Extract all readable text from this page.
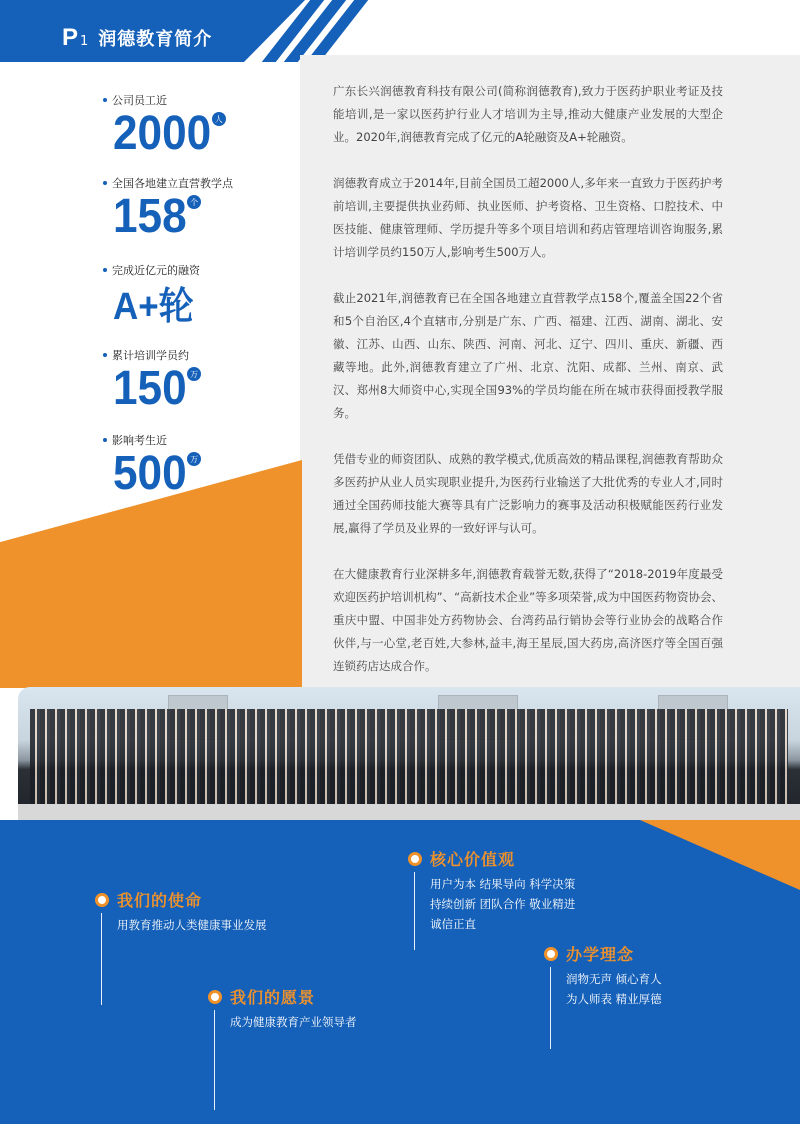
P 1 润德教育简介
公司员工近
2000 人
全国各地建立直营教学点
158 个
完成近亿元的融资
A+轮
累计培训学员约
150 万
影响考生近
500 万

广东长兴润德教育科技有限公司(简称润德教育),致力于医药护职业考证及技能培训,是一家以医药护行业人才培训为主导,推动大健康产业发展的大型企业。2020年,润德教育完成了亿元的A轮融资及A+轮融资。

润德教育成立于2014年,目前全国员工超2000人,多年来一直致力于医药护考前培训,主要提供执业药师、执业医师、护考资格、卫生资格、口腔技术、中医技能、健康管理师、学历提升等多个项目培训和药店管理培训咨询服务,累计培训学员约150万人,影响考生500万人。

截止2021年,润德教育已在全国各地建立直营教学点158个,覆盖全国22个省和5个自治区,4个直辖市,分别是广东、广西、福建、江西、湖南、湖北、安徽、江苏、山西、山东、陕西、河南、河北、辽宁、四川、重庆、新疆、西藏等地。此外,润德教育建立了广州、北京、沈阳、成都、兰州、南京、武汉、郑州8大师资中心,实现全国93%的学员均能在所在城市获得面授教学服务。

凭借专业的师资团队、成熟的教学模式,优质高效的精品课程,润德教育帮助众多医药护从业人员实现职业提升,为医药行业输送了大批优秀的专业人才,同时通过全国药师技能大赛等具有广泛影响力的赛事及活动积极赋能医药行业发展,赢得了学员及业界的一致好评与认可。

在大健康教育行业深耕多年,润德教育载誉无数,获得了“2018-2019年度最受欢迎医药护培训机构”、“高新技术企业”等多项荣誉,成为中国医药物资协会、重庆中盟、中国非处方药物协会、台湾药品行销协会等行业协会的战略合作伙伴,与一心堂,老百姓,大参林,益丰,海王星辰,国大药房,高济医疗等全国百强连锁药店达成合作。

我们的使命
用教育推动人类健康事业发展
我们的愿景
成为健康教育产业领导者
核心价值观
用户为本 结果导向 科学决策
持续创新 团队合作 敬业精进
诚信正直
办学理念
润物无声 倾心育人
为人师表 精业厚德
